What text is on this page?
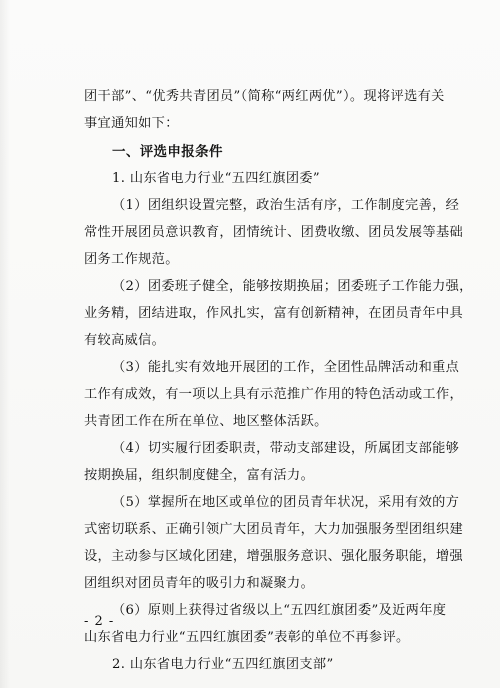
团干部”、“优秀共青团员”（简称“两红两优”）。现将评选有关

事宜通知如下：

一、评选申报条件

1. 山东省电力行业“五四红旗团委”

（1）团组织设置完整，政治生活有序，工作制度完善，经

常性开展团员意识教育，团情统计、团费收缴、团员发展等基础

团务工作规范。

（2）团委班子健全，能够按期换届；团委班子工作能力强，

业务精，团结进取，作风扎实，富有创新精神，在团员青年中具

有较高威信。

（3）能扎实有效地开展团的工作，全团性品牌活动和重点

工作有成效，有一项以上具有示范推广作用的特色活动或工作，

共青团工作在所在单位、地区整体活跃。

（4）切实履行团委职责，带动支部建设，所属团支部能够

按期换届，组织制度健全，富有活力。

（5）掌握所在地区或单位的团员青年状况，采用有效的方

式密切联系、正确引领广大团员青年，大力加强服务型团组织建

设，主动参与区域化团建，增强服务意识、强化服务职能，增强

团组织对团员青年的吸引力和凝聚力。

（6）原则上获得过省级以上“五四红旗团委”及近两年度

山东省电力行业“五四红旗团委”表彰的单位不再参评。

2. 山东省电力行业“五四红旗团支部”

- 2 -
